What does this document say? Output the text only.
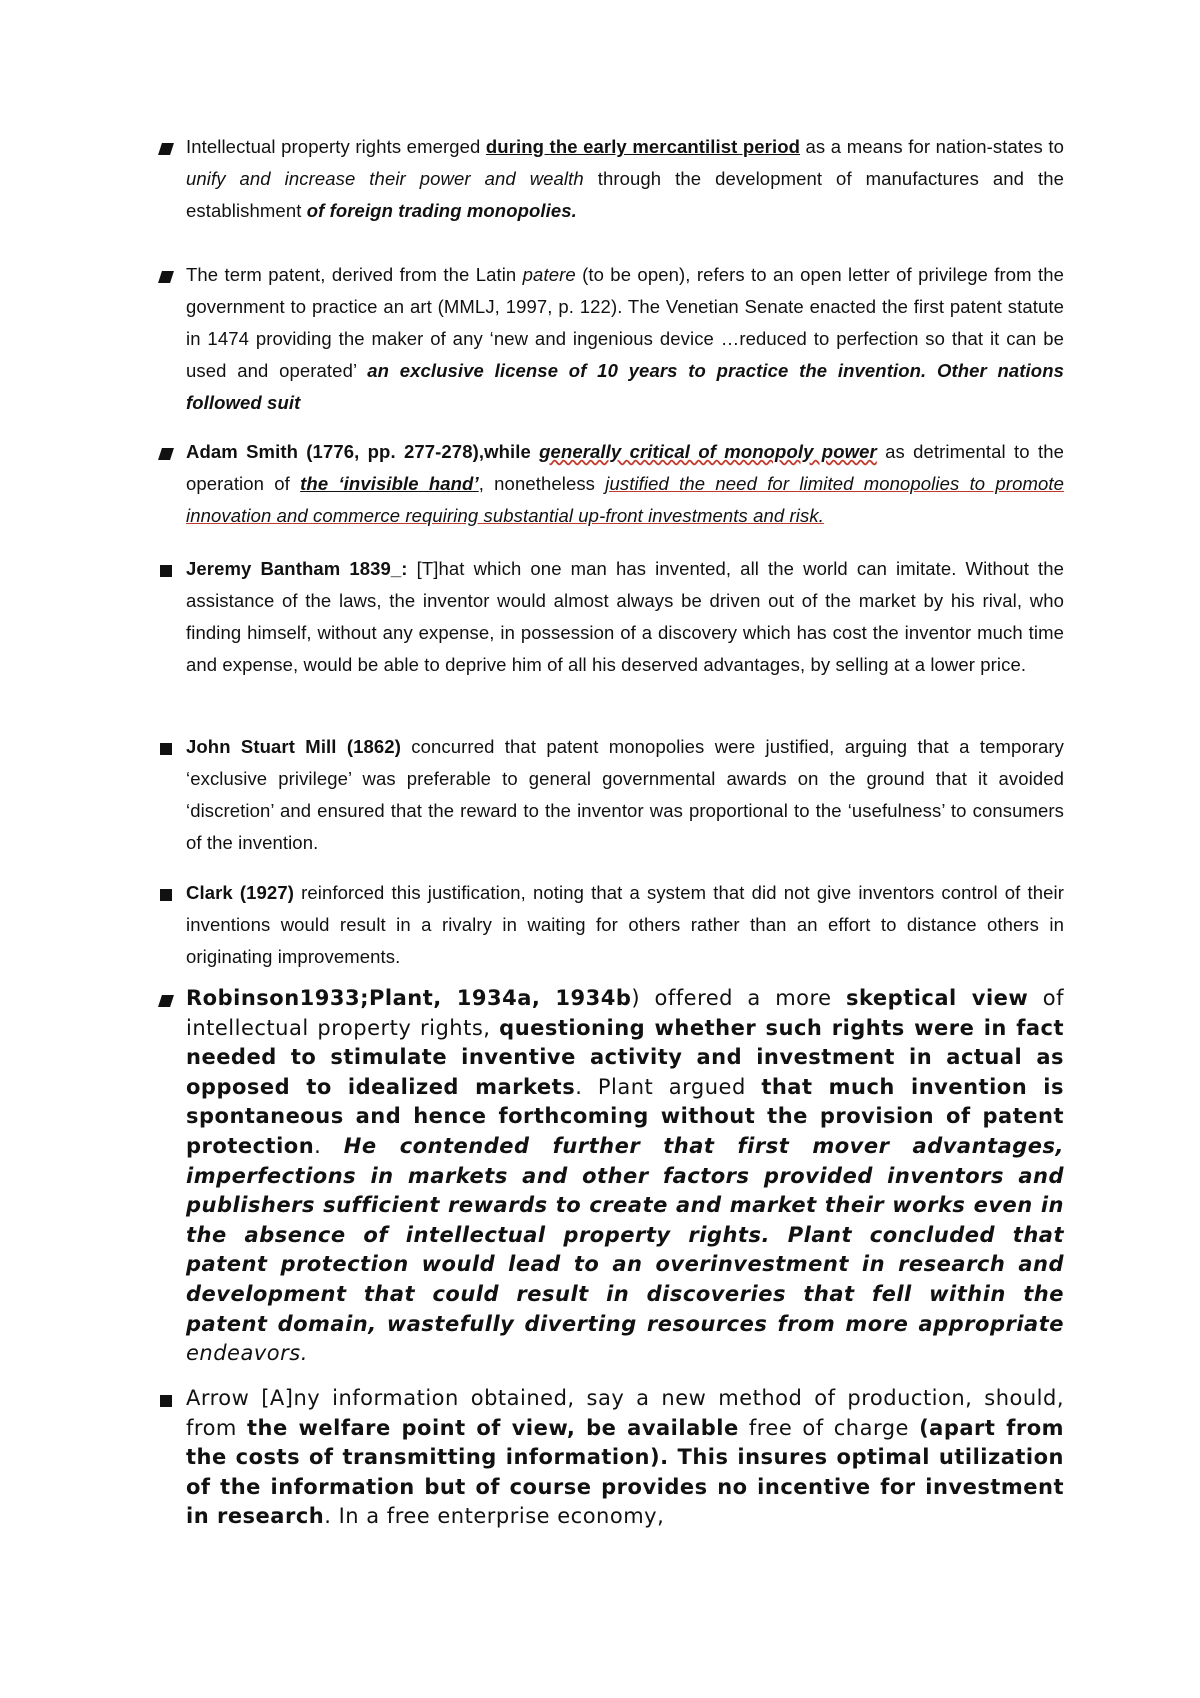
Intellectual property rights emerged during the early mercantilist period as a means for nation-states to unify and increase their power and wealth through the development of manufactures and the establishment of foreign trading monopolies.
The term patent, derived from the Latin patere (to be open), refers to an open letter of privilege from the government to practice an art (MMLJ, 1997, p. 122). The Venetian Senate enacted the first patent statute in 1474 providing the maker of any ‘new and ingenious device …reduced to perfection so that it can be used and operated’ an exclusive license of 10 years to practice the invention. Other nations followed suit
Adam Smith (1776, pp. 277-278),while generally critical of monopoly power as detrimental to the operation of the ‘invisible hand’, nonetheless justified the need for limited monopolies to promote innovation and commerce requiring substantial up-front investments and risk.
Jeremy Bantham 1839_: [T]hat which one man has invented, all the world can imitate. Without the assistance of the laws, the inventor would almost always be driven out of the market by his rival, who finding himself, without any expense, in possession of a discovery which has cost the inventor much time and expense, would be able to deprive him of all his deserved advantages, by selling at a lower price.
John Stuart Mill (1862) concurred that patent monopolies were justified, arguing that a temporary ‘exclusive privilege’ was preferable to general governmental awards on the ground that it avoided ‘discretion’ and ensured that the reward to the inventor was proportional to the ‘usefulness’ to consumers of the invention.
Clark (1927) reinforced this justification, noting that a system that did not give inventors control of their inventions would result in a rivalry in waiting for others rather than an effort to distance others in originating improvements.
Robinson1933;Plant, 1934a, 1934b) offered a more skeptical view of intellectual property rights, questioning whether such rights were in fact needed to stimulate inventive activity and investment in actual as opposed to idealized markets. Plant argued that much invention is spontaneous and hence forthcoming without the provision of patent protection. He contended further that first mover advantages, imperfections in markets and other factors provided inventors and publishers sufficient rewards to create and market their works even in the absence of intellectual property rights. Plant concluded that patent protection would lead to an overinvestment in research and development that could result in discoveries that fell within the patent domain, wastefully diverting resources from more appropriate endeavors.
Arrow [A]ny information obtained, say a new method of production, should, from the welfare point of view, be available free of charge (apart from the costs of transmitting information). This insures optimal utilization of the information but of course provides no incentive for investment in research. In a free enterprise economy,
